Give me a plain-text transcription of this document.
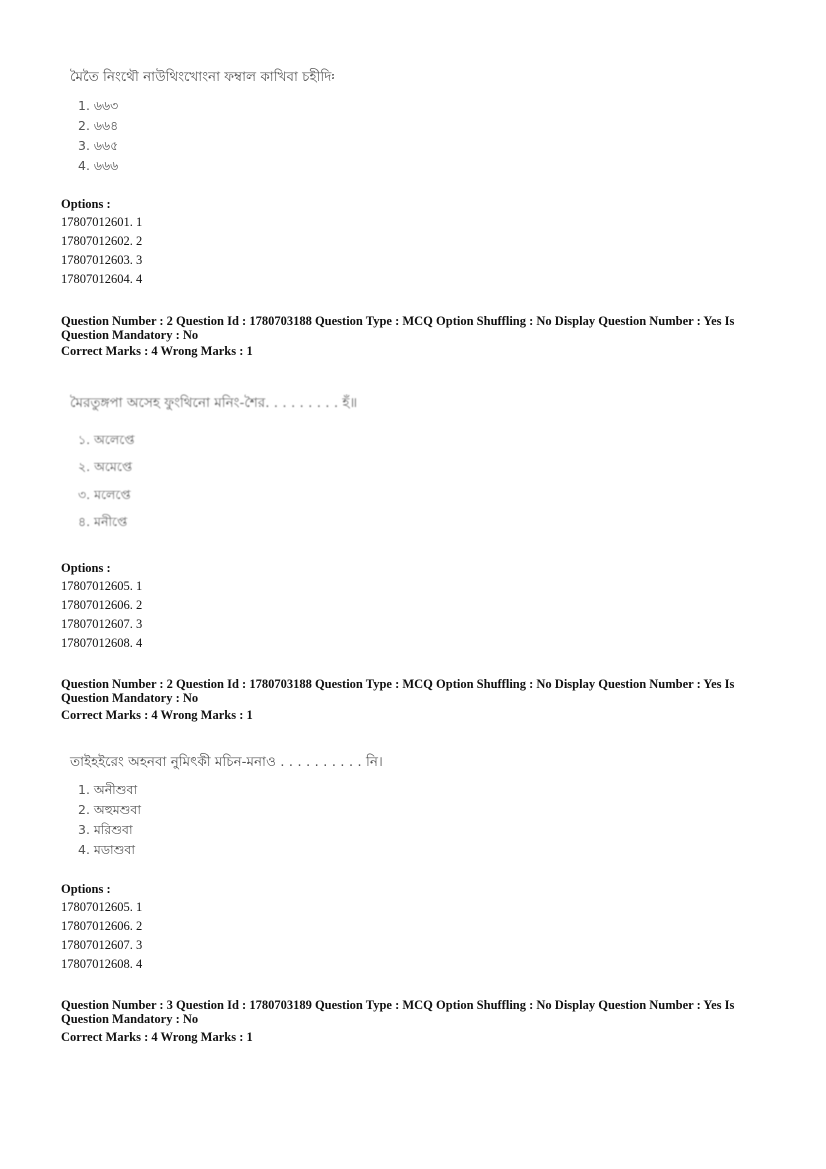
মৈতৈ নিংথৌ নাউথিংখোংনা ফম্বাল কাখিবা চহীদি፡
1. ৬৬৩
2. ৬৬৪
3. ৬৬৫
4. ৬৬৬
Options :
17807012601. 1
17807012602. 2
17807012603. 3
17807012604. 4
Question Number : 2 Question Id : 1780703188 Question Type : MCQ Option Shuffling : No Display Question Number : Yes Is
Question Mandatory : No
Correct Marks : 4 Wrong Marks : 1
মৈরতুঙ্গপা অসেহ ফুংথিনো মনিং-শৈর. . . . . . . . . হঁ॥
১. অলেপ্তে
২. অমেপ্তে
৩. মলেপ্তে
৪. মনীপ্তে
Options :
17807012605. 1
17807012606. 2
17807012607. 3
17807012608. 4
Question Number : 2 Question Id : 1780703188 Question Type : MCQ Option Shuffling : No Display Question Number : Yes Is
Question Mandatory : No
Correct Marks : 4 Wrong Marks : 1
তাইহইরেং অহনবা নুমিৎকী মচিন-মনাও . . . . . . . . . . নি।
1. অনীশুবা
2. অহুমশুবা
3. মরিশুবা
4. মডাশুবা
Options :
17807012605. 1
17807012606. 2
17807012607. 3
17807012608. 4
Question Number : 3 Question Id : 1780703189 Question Type : MCQ Option Shuffling : No Display Question Number : Yes Is
Question Mandatory : No
Correct Marks : 4 Wrong Marks : 1
